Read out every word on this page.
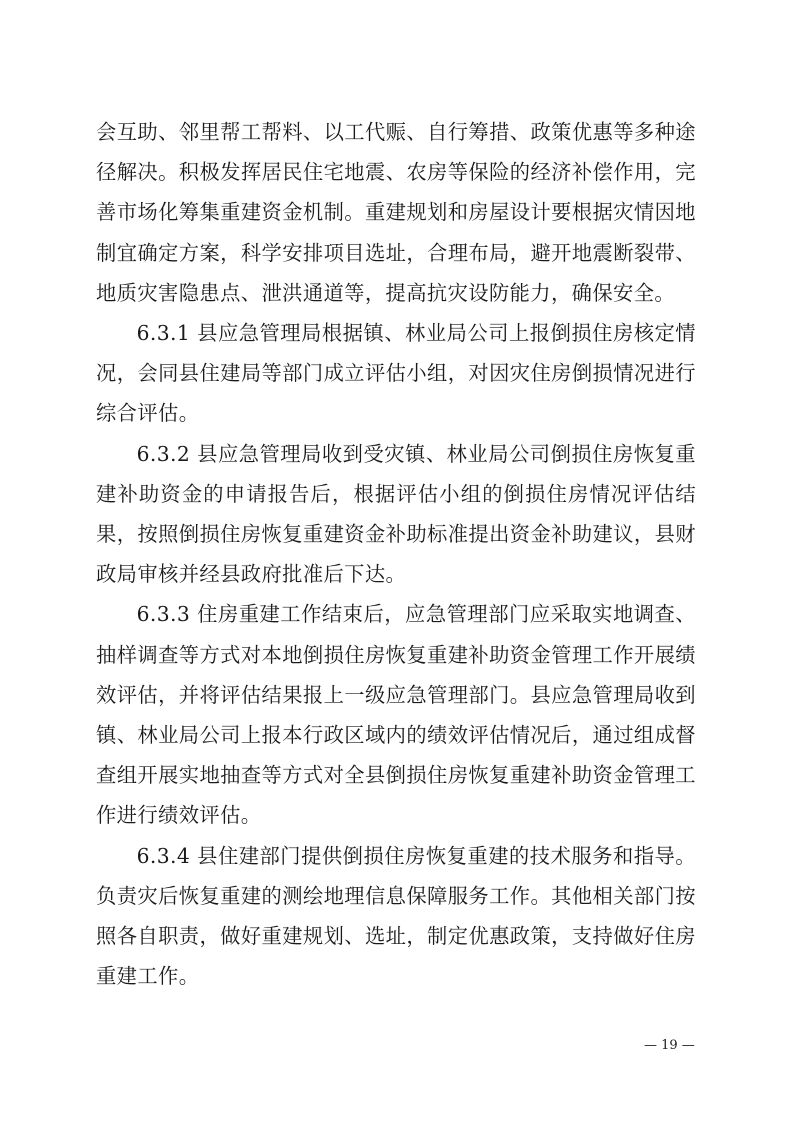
会互助、邻里帮工帮料、以工代赈、自行筹措、政策优惠等多种途径解决。积极发挥居民住宅地震、农房等保险的经济补偿作用，完善市场化筹集重建资金机制。重建规划和房屋设计要根据灾情因地制宜确定方案，科学安排项目选址，合理布局，避开地震断裂带、地质灾害隐患点、泄洪通道等，提高抗灾设防能力，确保安全。

6.3.1 县应急管理局根据镇、林业局公司上报倒损住房核定情况，会同县住建局等部门成立评估小组，对因灾住房倒损情况进行综合评估。

6.3.2 县应急管理局收到受灾镇、林业局公司倒损住房恢复重建补助资金的申请报告后，根据评估小组的倒损住房情况评估结果，按照倒损住房恢复重建资金补助标准提出资金补助建议，县财政局审核并经县政府批准后下达。

6.3.3 住房重建工作结束后，应急管理部门应采取实地调查、抽样调查等方式对本地倒损住房恢复重建补助资金管理工作开展绩效评估，并将评估结果报上一级应急管理部门。县应急管理局收到镇、林业局公司上报本行政区域内的绩效评估情况后，通过组成督查组开展实地抽查等方式对全县倒损住房恢复重建补助资金管理工作进行绩效评估。

6.3.4 县住建部门提供倒损住房恢复重建的技术服务和指导。负责灾后恢复重建的测绘地理信息保障服务工作。其他相关部门按照各自职责，做好重建规划、选址，制定优惠政策，支持做好住房重建工作。

— 19 —
